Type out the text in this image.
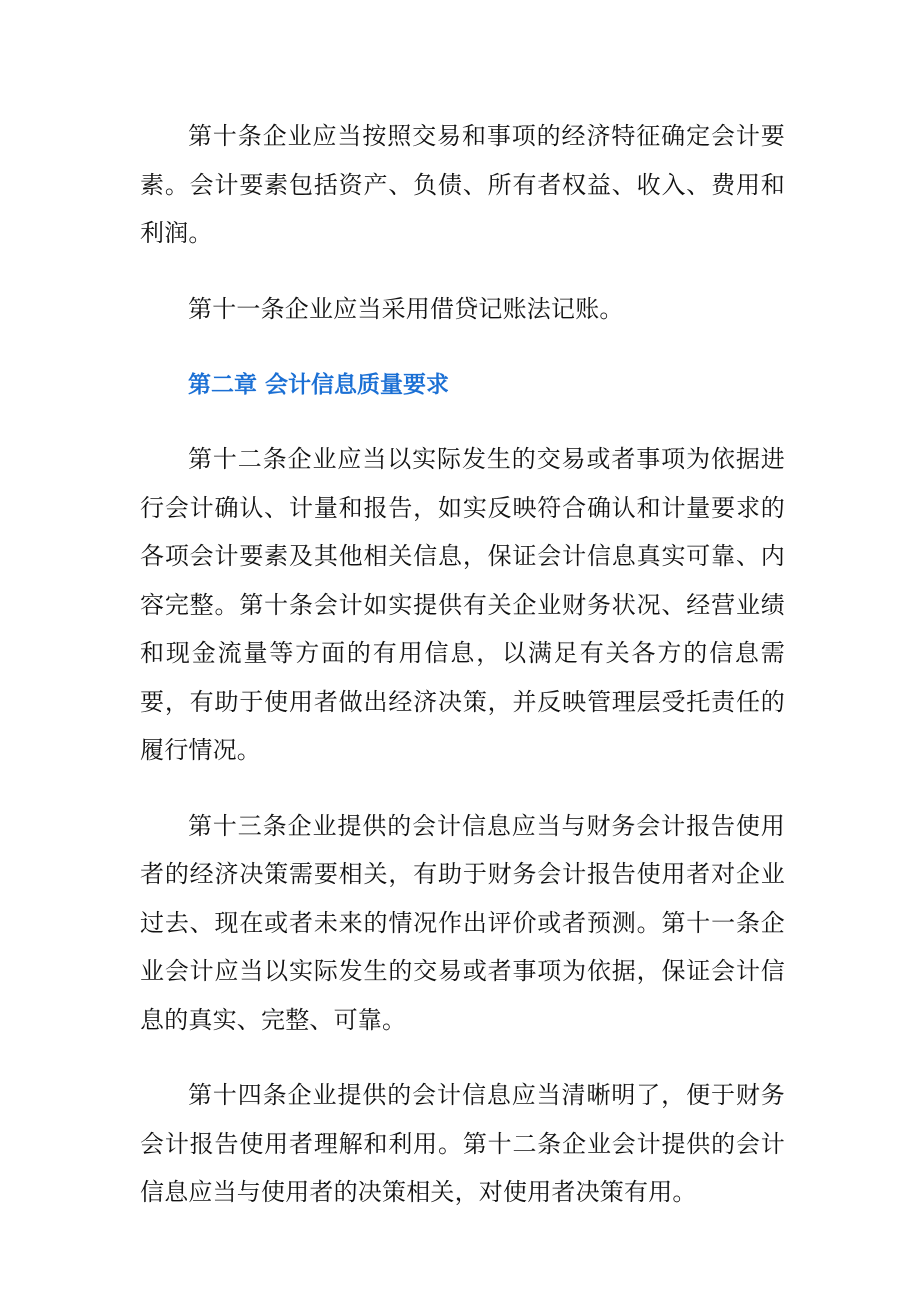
第十条企业应当按照交易和事项的经济特征确定会计要素。会计要素包括资产、负债、所有者权益、收入、费用和利润。

第十一条企业应当采用借贷记账法记账。

第二章 会计信息质量要求

第十二条企业应当以实际发生的交易或者事项为依据进行会计确认、计量和报告，如实反映符合确认和计量要求的各项会计要素及其他相关信息，保证会计信息真实可靠、内容完整。第十条会计如实提供有关企业财务状况、经营业绩和现金流量等方面的有用信息，以满足有关各方的信息需要，有助于使用者做出经济决策，并反映管理层受托责任的履行情况。

第十三条企业提供的会计信息应当与财务会计报告使用者的经济决策需要相关，有助于财务会计报告使用者对企业过去、现在或者未来的情况作出评价或者预测。第十一条企业会计应当以实际发生的交易或者事项为依据，保证会计信息的真实、完整、可靠。

第十四条企业提供的会计信息应当清晰明了，便于财务会计报告使用者理解和利用。第十二条企业会计提供的会计信息应当与使用者的决策相关，对使用者决策有用。
